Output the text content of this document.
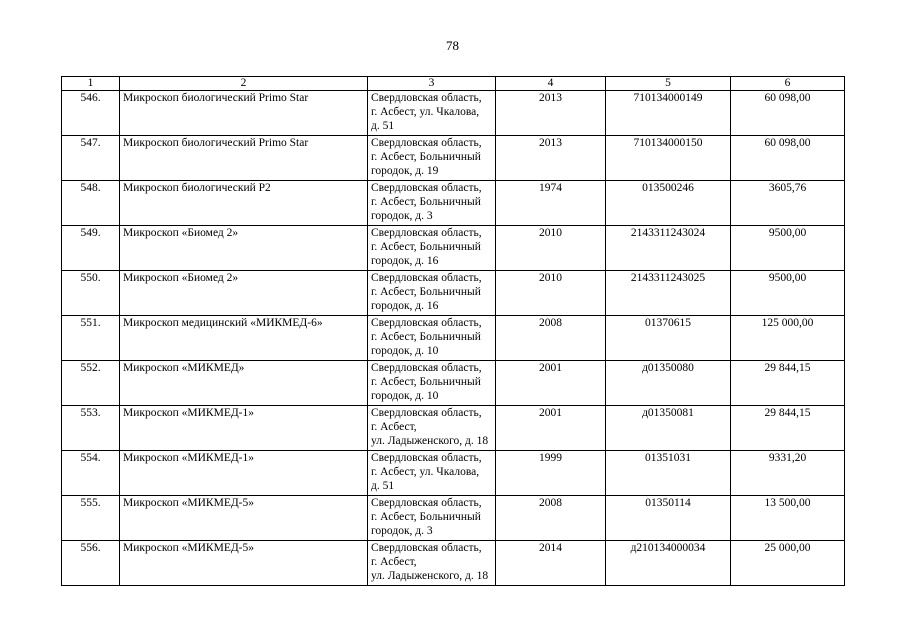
78
1	2	3	4	5	6
546.	Микроскоп биологический Primo Star	Свердловская область,
г. Асбест, ул. Чкалова,
д. 51	2013	710134000149	60 098,00
547.	Микроскоп биологический Primo Star	Свердловская область,
г. Асбест, Больничный
городок, д. 19	2013	710134000150	60 098,00
548.	Микроскоп биологический Р2	Свердловская область,
г. Асбест, Больничный
городок, д. 3	1974	013500246	3605,76
549.	Микроскоп «Биомед 2»	Свердловская область,
г. Асбест, Больничный
городок, д. 16	2010	2143311243024	9500,00
550.	Микроскоп «Биомед 2»	Свердловская область,
г. Асбест, Больничный
городок, д. 16	2010	2143311243025	9500,00
551.	Микроскоп медицинский «МИКМЕД-6»	Свердловская область,
г. Асбест, Больничный
городок, д. 10	2008	01370615	125 000,00
552.	Микроскоп «МИКМЕД»	Свердловская область,
г. Асбест, Больничный
городок, д. 10	2001	д01350080	29 844,15
553.	Микроскоп «МИКМЕД-1»	Свердловская область,
г. Асбест,
ул. Ладыженского, д. 18	2001	д01350081	29 844,15
554.	Микроскоп «МИКМЕД-1»	Свердловская область,
г. Асбест, ул. Чкалова,
д. 51	1999	01351031	9331,20
555.	Микроскоп «МИКМЕД-5»	Свердловская область,
г. Асбест, Больничный
городок, д. 3	2008	01350114	13 500,00
556.	Микроскоп «МИКМЕД-5»	Свердловская область,
г. Асбест,
ул. Ладыженского, д. 18	2014	д210134000034	25 000,00
